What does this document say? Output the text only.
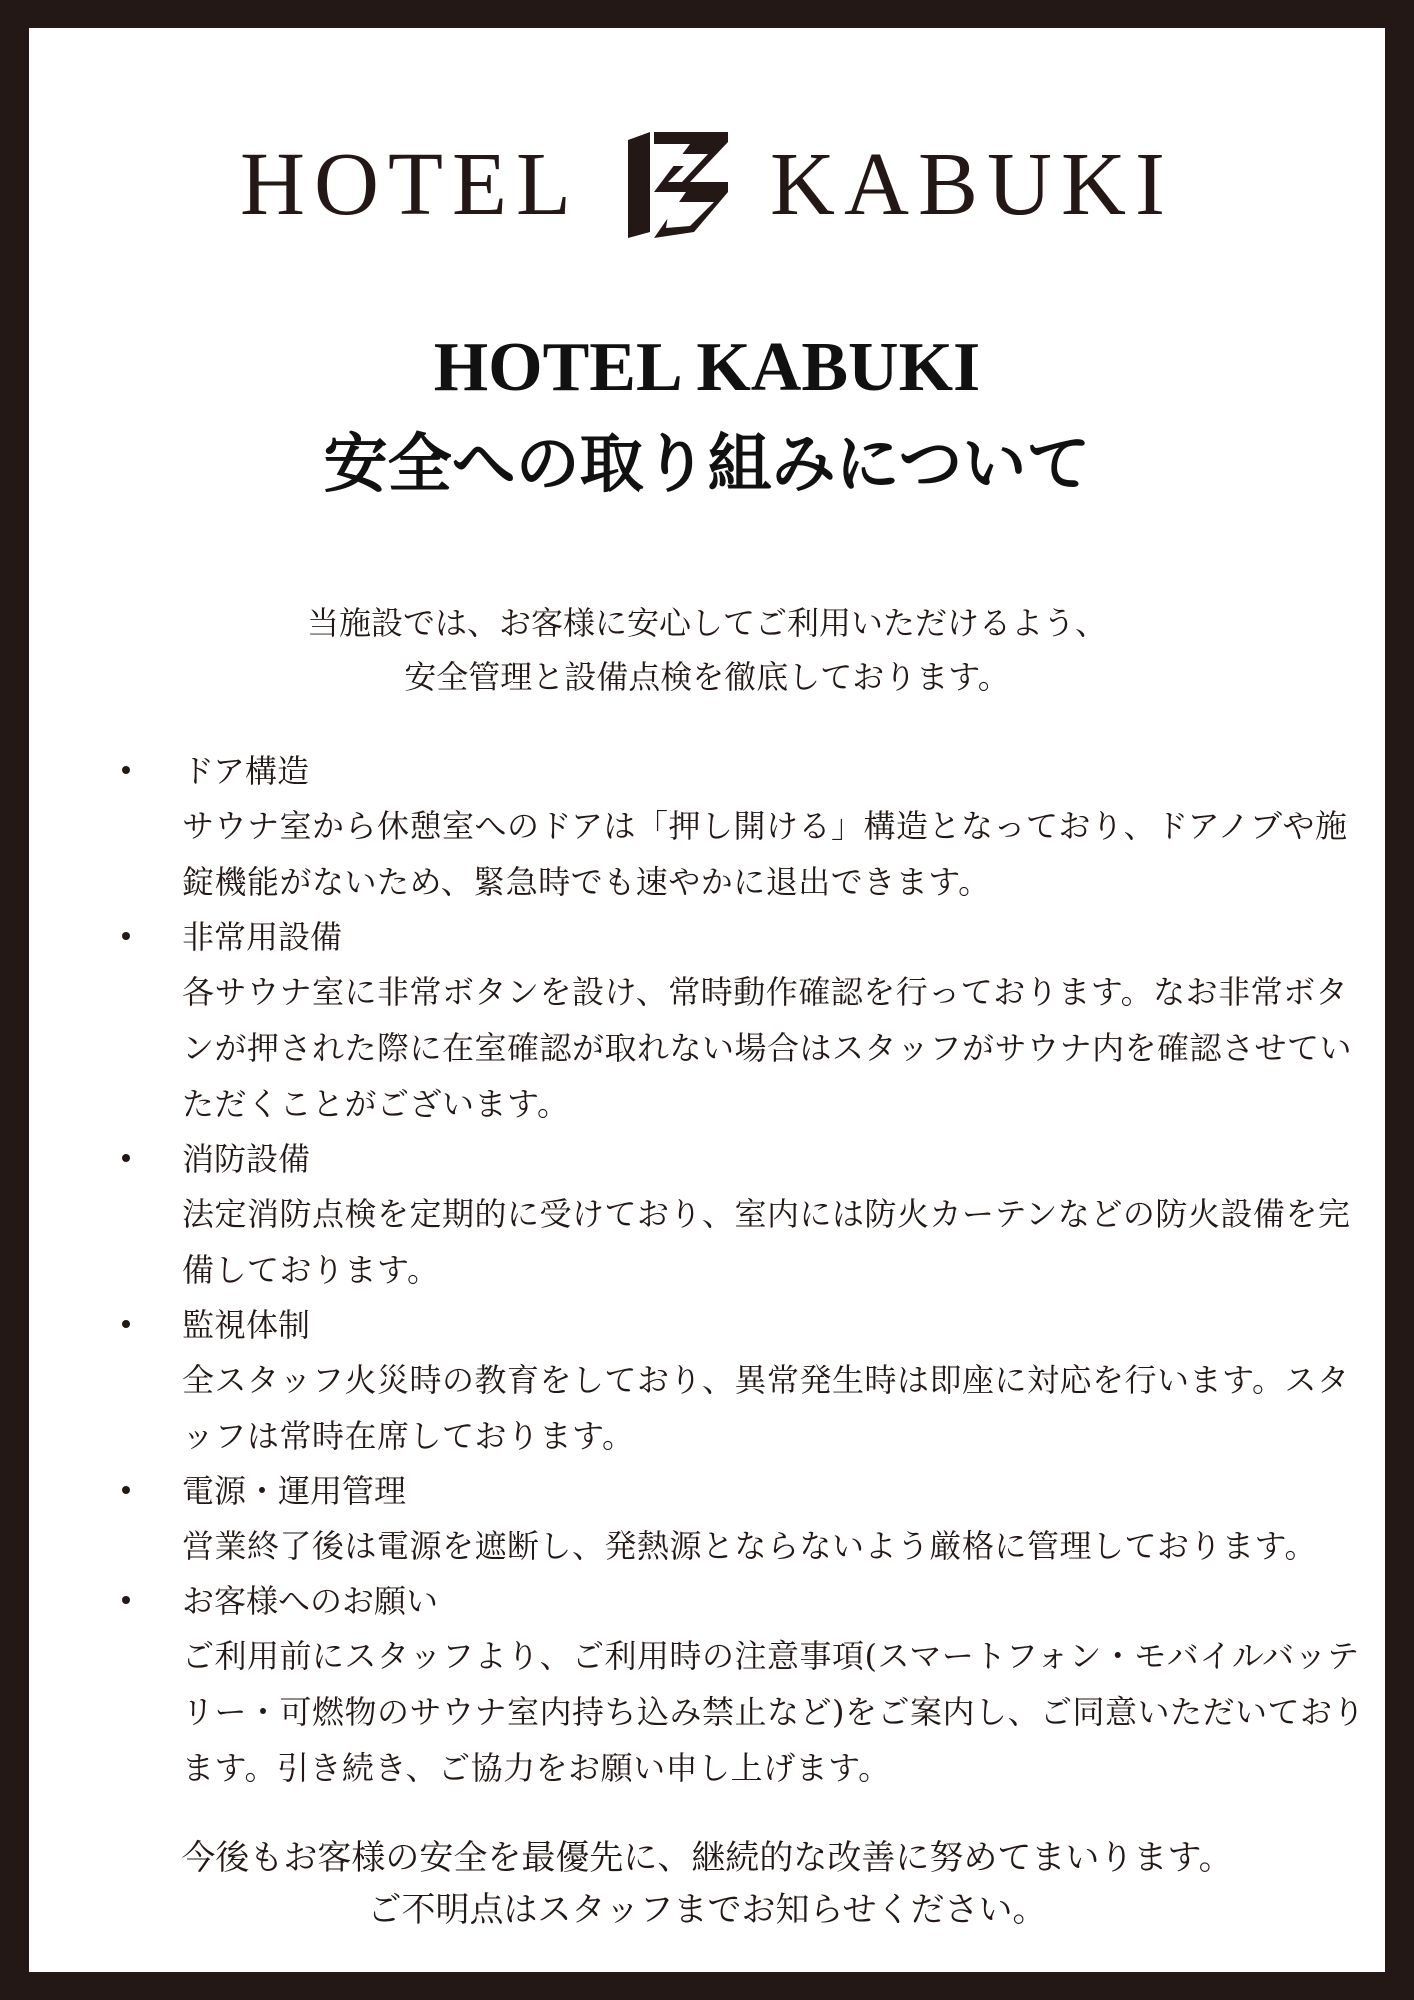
HOTEL KABUKI
HOTEL KABUKI
安全への取り組みについて
当施設では、お客様に安心してご利用いただけるよう、
安全管理と設備点検を徹底しております。
ドア構造
サウナ室から休憩室へのドアは「押し開ける」構造となっており、ドアノブや施錠機能がないため、緊急時でも速やかに退出できます。
非常用設備
各サウナ室に非常ボタンを設け、常時動作確認を行っております。なお非常ボタンが押された際に在室確認が取れない場合はスタッフがサウナ内を確認させていただくことがございます。
消防設備
法定消防点検を定期的に受けており、室内には防火カーテンなどの防火設備を完備しております。
監視体制
全スタッフ火災時の教育をしており、異常発生時は即座に対応を行います。スタッフは常時在席しております。
電源・運用管理
営業終了後は電源を遮断し、発熱源とならないよう厳格に管理しております。
お客様へのお願い
ご利用前にスタッフより、ご利用時の注意事項(スマートフォン・モバイルバッテリー・可燃物のサウナ室内持ち込み禁止など)をご案内し、ご同意いただいております。引き続き、ご協力をお願い申し上げます。
今後もお客様の安全を最優先に、継続的な改善に努めてまいります。
ご不明点はスタッフまでお知らせください。
